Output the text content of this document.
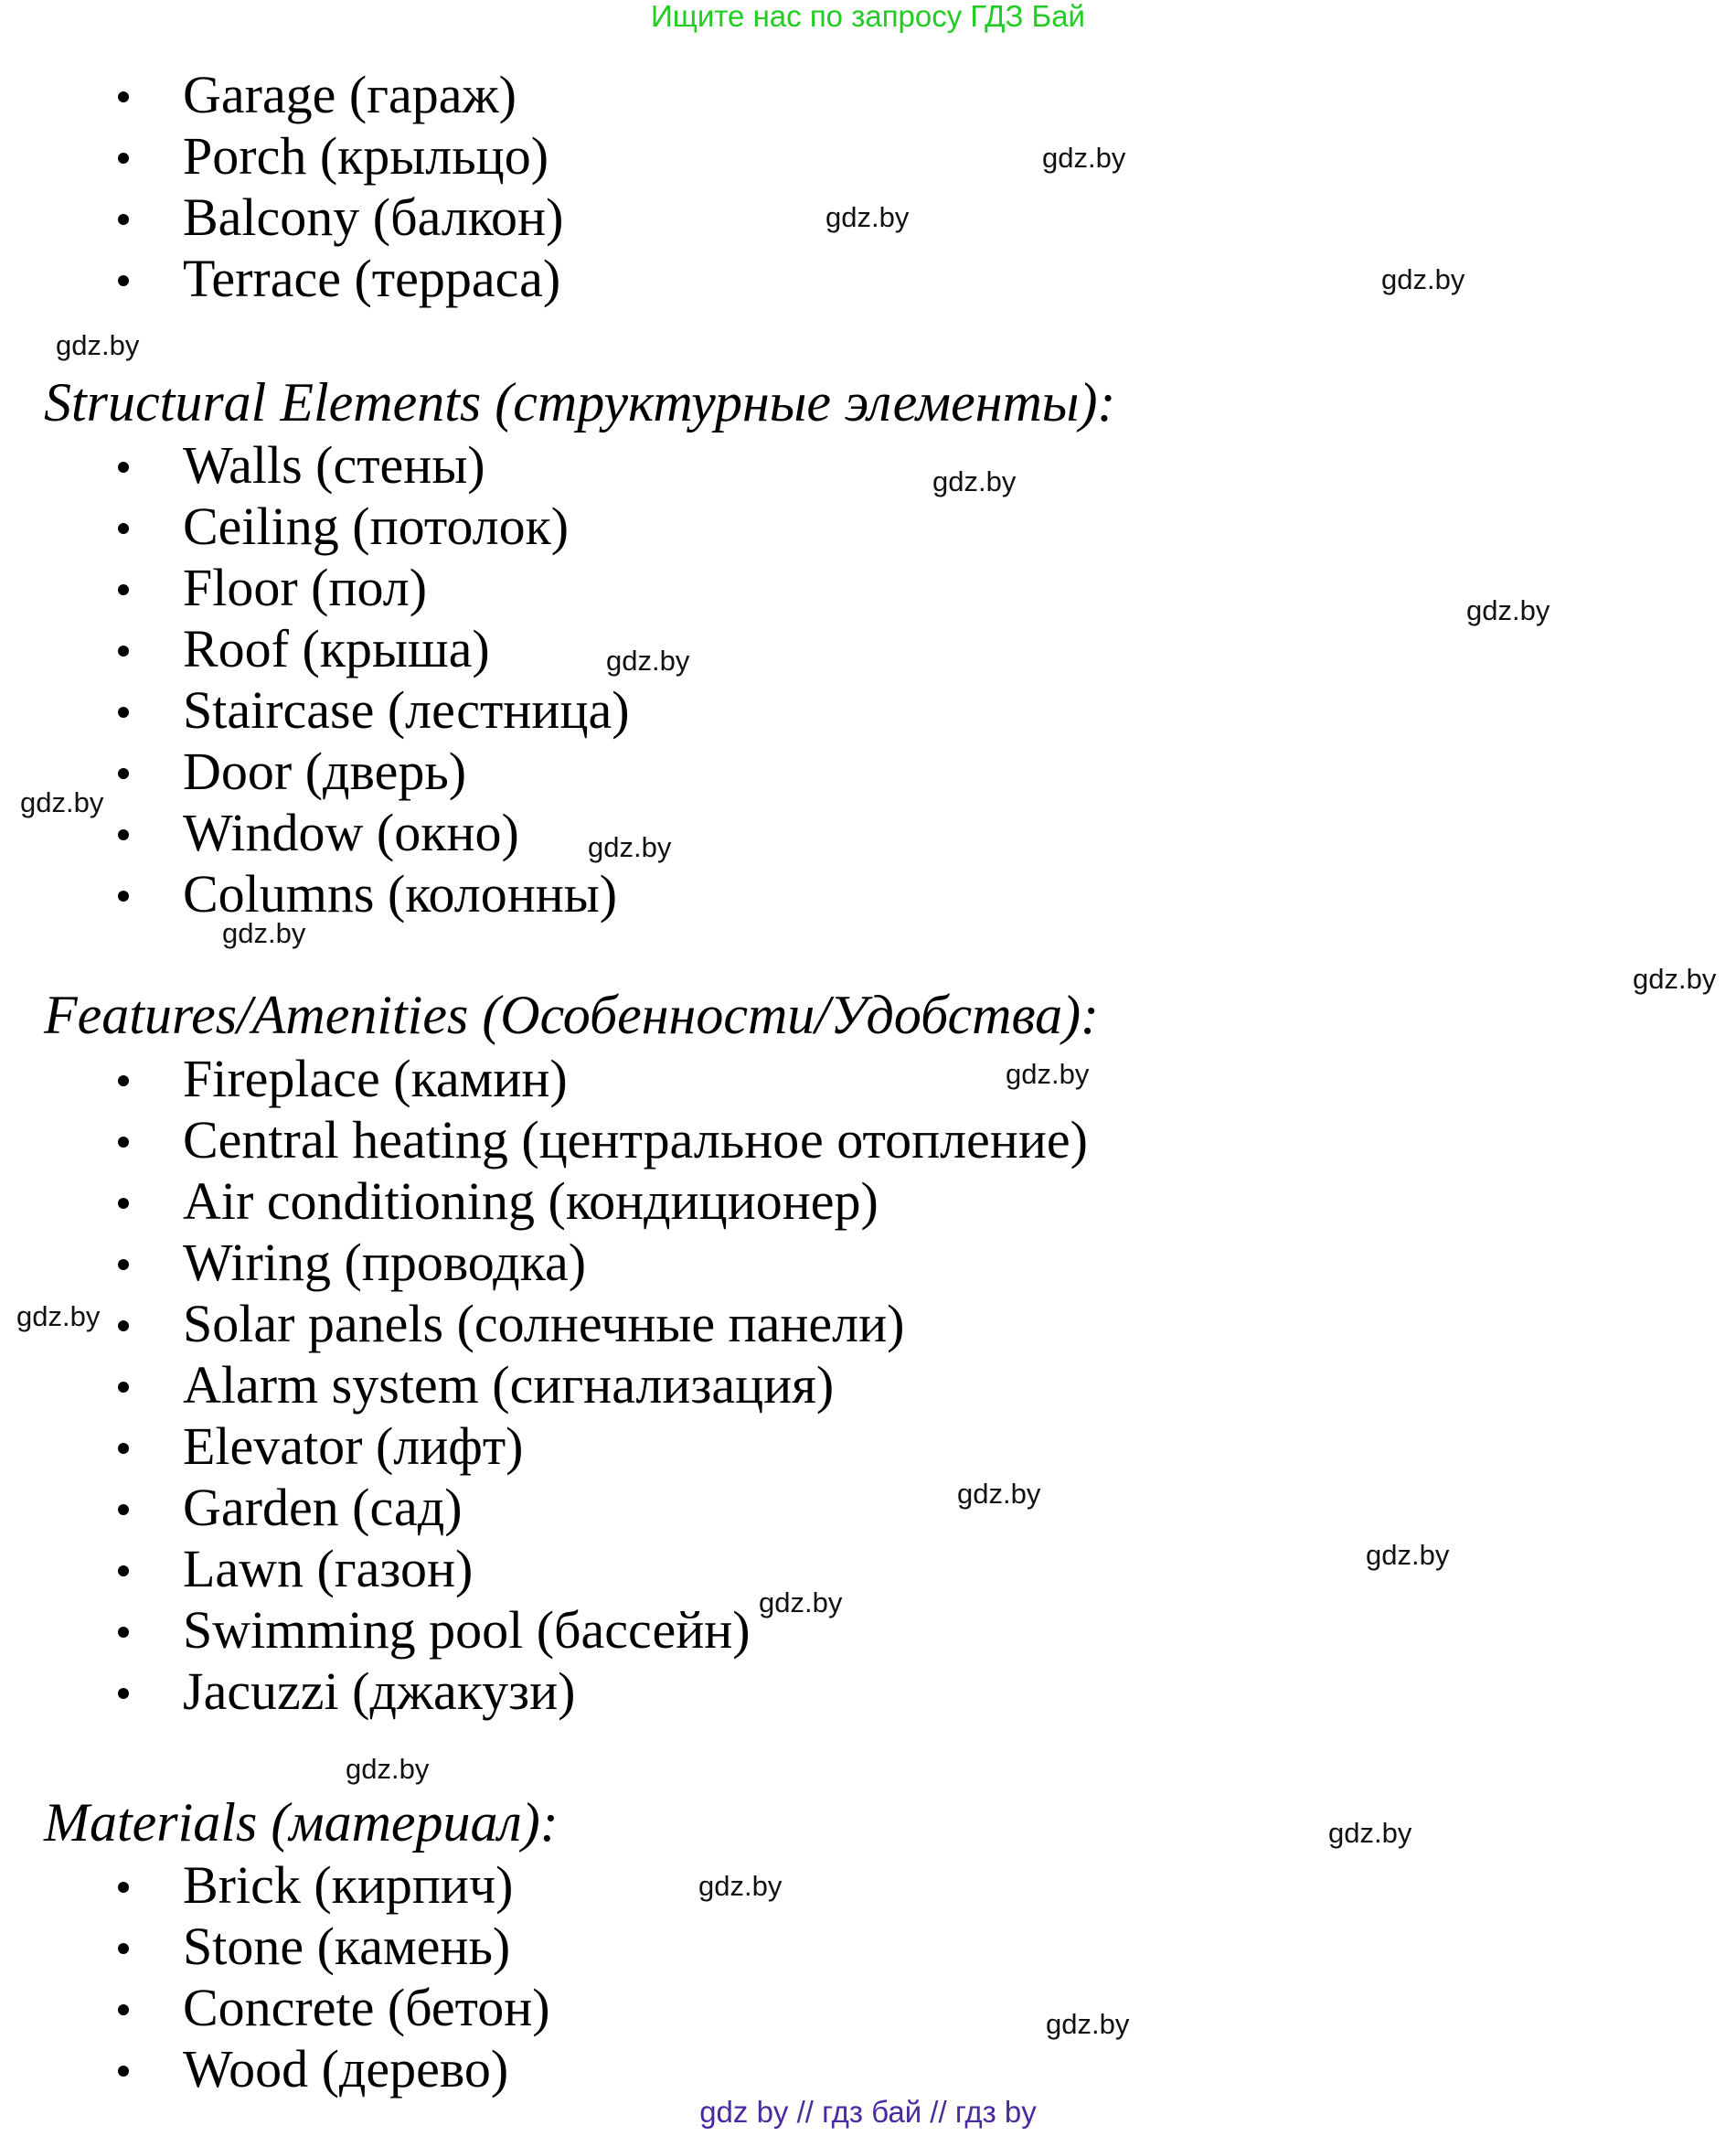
Ищите нас по запросу ГДЗ Бай
Garage (гараж)
Porch (крыльцо)
Balcony (балкон)
Terrace (терраса)
Structural Elements (структурные элементы):
Walls (стены)
Ceiling (потолок)
Floor (пол)
Roof (крыша)
Staircase (лестница)
Door (дверь)
Window (окно)
Columns (колонны)
Features/Amenities (Особенности/Удобства):
Fireplace (камин)
Central heating (центральное отопление)
Air conditioning (кондиционер)
Wiring (проводка)
Solar panels (солнечные панели)
Alarm system (сигнализация)
Elevator (лифт)
Garden (сад)
Lawn (газон)
Swimming pool (бассейн)
Jacuzzi (джакузи)
Materials (материал):
Brick (кирпич)
Stone (камень)
Concrete (бетон)
Wood (дерево)
gdz.by
gdz.by
gdz.by
gdz.by
gdz.by
gdz.by
gdz.by
gdz.by
gdz.by
gdz.by
gdz.by
gdz.by
gdz.by
gdz.by
gdz.by
gdz.by
gdz.by
gdz.by
gdz.by
gdz.by
gdz by // гдз бай // гдз by
